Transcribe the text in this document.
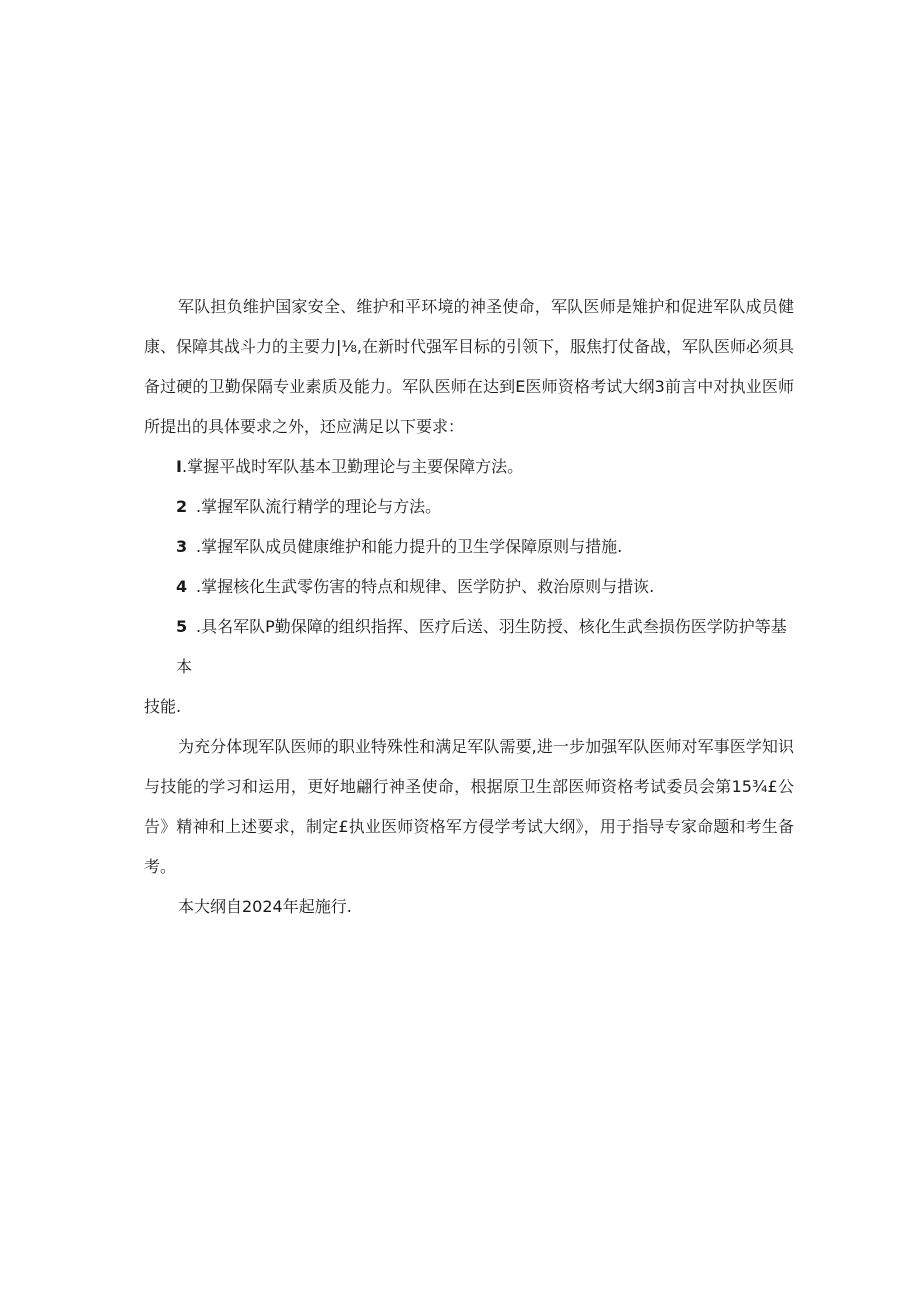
军队担负维护国家安全、维护和平环境的神圣使命，军队医师是雉护和促进军队成员健康、保障其战斗力的主要力|⅛,在新时代强军目标的引领下，服焦打仗备战，军队医师必须具备过硬的卫勤保隔专业素质及能力。军队医师在达到E医师资格考试大纲3前言中对执业医师所提出的具体要求之外，还应满足以下要求：

I.掌握平战时军队基本卫勤理论与主要保障方法。

2 .掌握军队流行精学的理论与方法。

3 .掌握军队成员健康维护和能力提升的卫生学保障原则与措施.

4 .掌握核化生武零伤害的特点和规律、医学防护、救治原则与措诙.

5 .具名军队P勤保障的组织指挥、医疗后送、羽生防授、核化生武叁损伤医学防护等基本

技能.

为充分体现军队医师的职业特殊性和满足军队需要,进一步加强军队医师对军事医学知识与技能的学习和运用，更好地翩行神圣使命，根据原卫生部医师资格考试委员会第15¾£公告》精神和上述要求，制定£执业医师资格军方侵学考试大纲》，用于指导专家命题和考生备考。

本大纲自2024年起施行.
